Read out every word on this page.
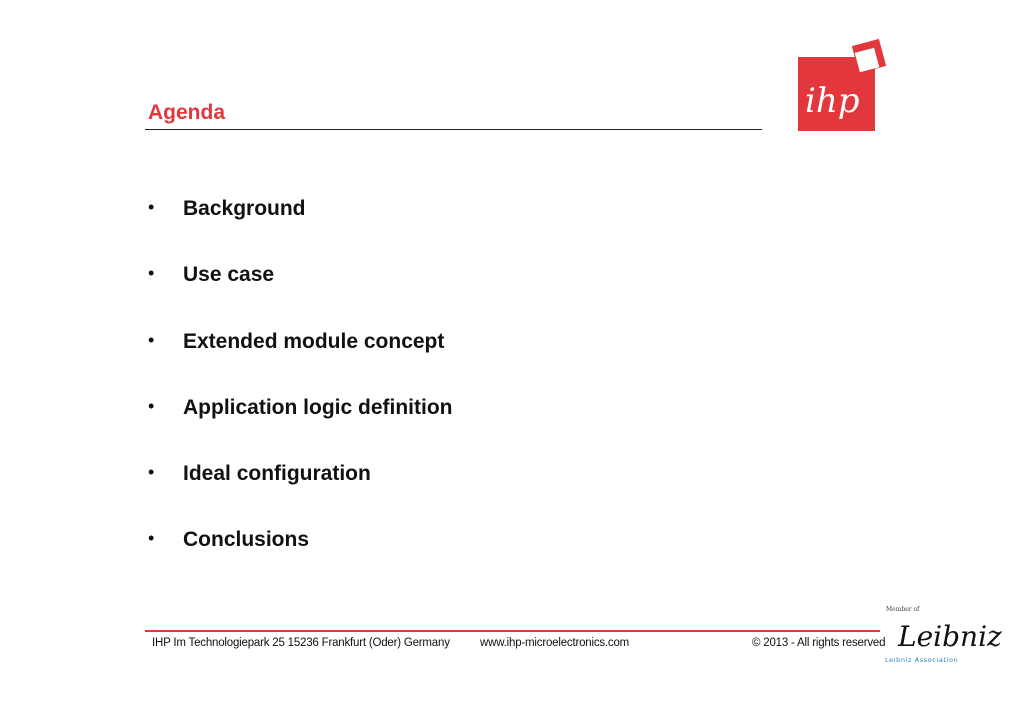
Agenda	ihp
•	Background
•	Use case
•	Extended module concept
•	Application logic definition
•	Ideal configuration
•	Conclusions
IHP Im Technologiepark 25 15236 Frankfurt (Oder) Germany	www.ihp-microelectronics.com	© 2013 - All rights reserved
Member of
Leibniz
Leibniz Association
